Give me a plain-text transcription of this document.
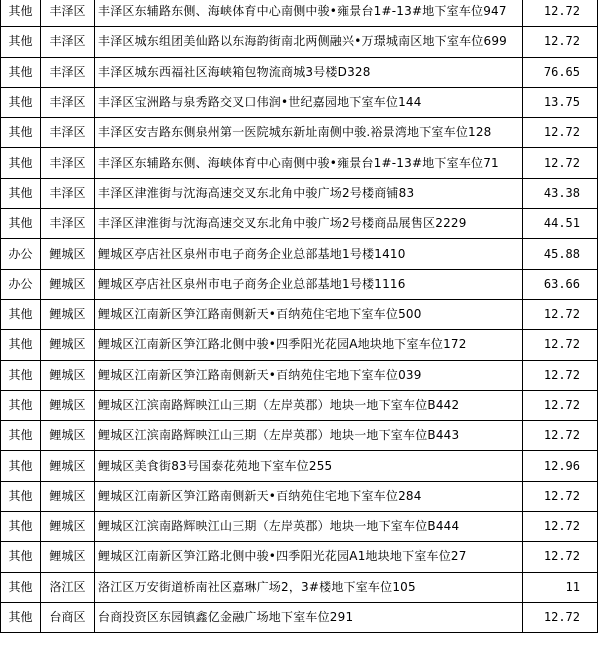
其他	丰泽区	丰泽区东辅路东侧、海峡体育中心南侧中骏•雍景台1#-13#地下室车位947	12.72
其他	丰泽区	丰泽区城东组团美仙路以东海韵街南北两侧融兴•万璟城南区地下室车位699	12.72
其他	丰泽区	丰泽区城东西福社区海峡箱包物流商城3号楼D328	76.65
其他	丰泽区	丰泽区宝洲路与泉秀路交叉口伟润•世纪嘉园地下室车位144	13.75
其他	丰泽区	丰泽区安吉路东侧泉州第一医院城东新址南侧中骏.裕景湾地下室车位128	12.72
其他	丰泽区	丰泽区东辅路东侧、海峡体育中心南侧中骏•雍景台1#-13#地下室车位71	12.72
其他	丰泽区	丰泽区津淮街与沈海高速交叉东北角中骏广场2号楼商铺83	43.38
其他	丰泽区	丰泽区津淮街与沈海高速交叉东北角中骏广场2号楼商品展售区2229	44.51
办公	鲤城区	鲤城区亭店社区泉州市电子商务企业总部基地1号楼1410	45.88
办公	鲤城区	鲤城区亭店社区泉州市电子商务企业总部基地1号楼1116	63.66
其他	鲤城区	鲤城区江南新区笋江路南侧新天•百纳苑住宅地下室车位500	12.72
其他	鲤城区	鲤城区江南新区笋江路北侧中骏•四季阳光花园A地块地下室车位172	12.72
其他	鲤城区	鲤城区江南新区笋江路南侧新天•百纳苑住宅地下室车位039	12.72
其他	鲤城区	鲤城区江滨南路辉映江山三期（左岸英郡）地块一地下室车位B442	12.72
其他	鲤城区	鲤城区江滨南路辉映江山三期（左岸英郡）地块一地下室车位B443	12.72
其他	鲤城区	鲤城区美食街83号国泰花苑地下室车位255	12.96
其他	鲤城区	鲤城区江南新区笋江路南侧新天•百纳苑住宅地下室车位284	12.72
其他	鲤城区	鲤城区江滨南路辉映江山三期（左岸英郡）地块一地下室车位B444	12.72
其他	鲤城区	鲤城区江南新区笋江路北侧中骏•四季阳光花园A1地块地下室车位27	12.72
其他	洛江区	洛江区万安街道桥南社区嘉琳广场2，3#楼地下室车位105	11
其他	台商区	台商投资区东园镇鑫亿金融广场地下室车位291	12.72
